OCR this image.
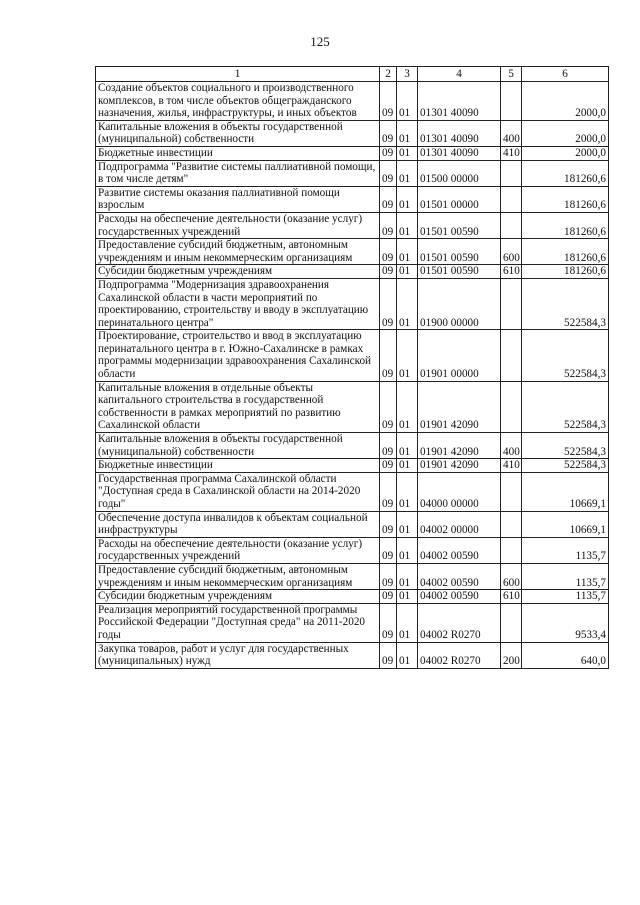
125
1	2	3	4	5	6
Создание объектов социального и производственного комплексов, в том числе объектов общегражданского назначения, жилья, инфраструктуры, и иных объектов	09	01	01301 40090		2000,0
Капитальные вложения в объекты государственной (муниципальной) собственности	09	01	01301 40090	400	2000,0
Бюджетные инвестиции	09	01	01301 40090	410	2000,0
Подпрограмма "Развитие системы паллиативной помощи, в том числе детям"	09	01	01500 00000		181260,6
Развитие системы оказания паллиативной помощи взрослым	09	01	01501 00000		181260,6
Расходы на обеспечение деятельности (оказание услуг) государственных учреждений	09	01	01501 00590		181260,6
Предоставление субсидий бюджетным, автономным учреждениям и иным некоммерческим организациям	09	01	01501 00590	600	181260,6
Субсидии бюджетным учреждениям	09	01	01501 00590	610	181260,6
Подпрограмма "Модернизация здравоохранения Сахалинской области в части мероприятий по проектированию, строительству и вводу в эксплуатацию перинатального центра"	09	01	01900 00000		522584,3
Проектирование, строительство и ввод в эксплуатацию перинатального центра в г. Южно-Сахалинске в рамках программы модернизации здравоохранения Сахалинской области	09	01	01901 00000		522584,3
Капитальные вложения в отдельные объекты капитального строительства в государственной собственности в рамках мероприятий по развитию Сахалинской области	09	01	01901 42090		522584,3
Капитальные вложения в объекты государственной (муниципальной) собственности	09	01	01901 42090	400	522584,3
Бюджетные инвестиции	09	01	01901 42090	410	522584,3
Государственная программа Сахалинской области "Доступная среда в Сахалинской области на 2014-2020 годы"	09	01	04000 00000		10669,1
Обеспечение доступа инвалидов к объектам социальной инфраструктуры	09	01	04002 00000		10669,1
Расходы на обеспечение деятельности (оказание услуг) государственных учреждений	09	01	04002 00590		1135,7
Предоставление субсидий бюджетным, автономным учреждениям и иным некоммерческим организациям	09	01	04002 00590	600	1135,7
Субсидии бюджетным учреждениям	09	01	04002 00590	610	1135,7
Реализация мероприятий государственной программы Российской Федерации "Доступная среда" на 2011-2020 годы	09	01	04002 R0270		9533,4
Закупка товаров, работ и услуг для государственных (муниципальных) нужд	09	01	04002 R0270	200	640,0
